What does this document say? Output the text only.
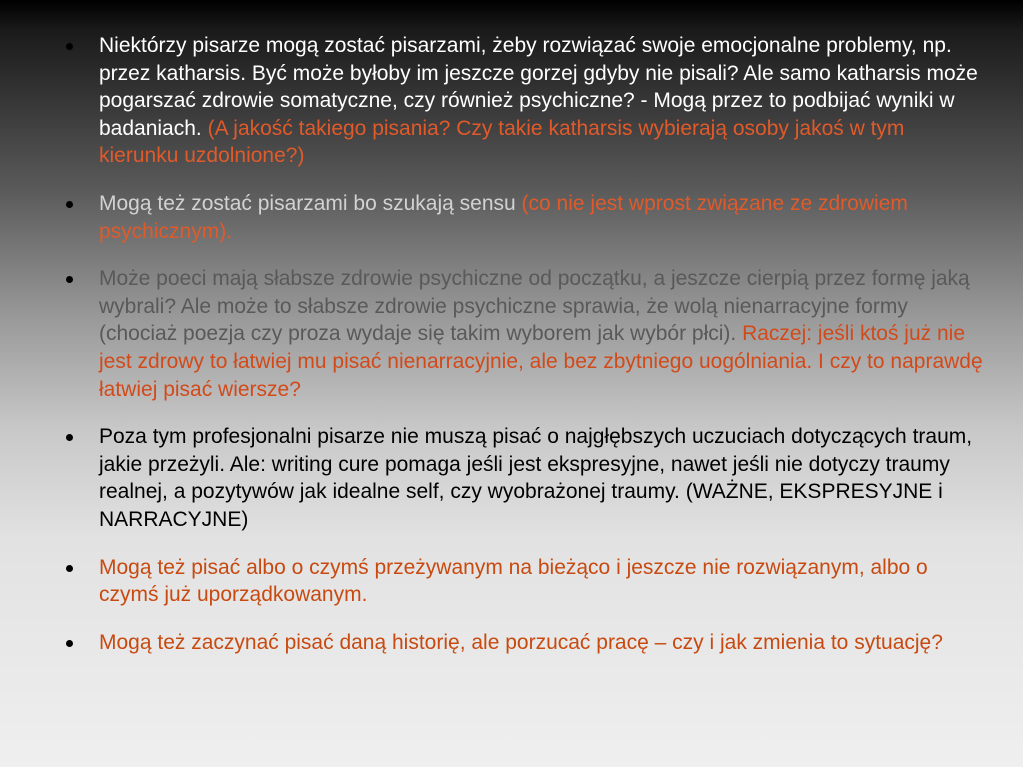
Niektórzy pisarze mogą zostać pisarzami, żeby rozwiązać swoje emocjonalne problemy, np. przez katharsis. Być może byłoby im jeszcze gorzej gdyby nie pisali? Ale samo katharsis może pogarszać zdrowie somatyczne, czy również psychiczne? - Mogą przez to podbijać wyniki w badaniach. (A jakość takiego pisania? Czy takie katharsis wybierają osoby jakoś w tym kierunku uzdolnione?)
Mogą też zostać pisarzami bo szukają sensu (co nie jest wprost związane ze zdrowiem psychicznym).
Może poeci mają słabsze zdrowie psychiczne od początku, a jeszcze cierpią przez formę jaką wybrali? Ale może to słabsze zdrowie psychiczne sprawia, że wolą nienarracyjne formy (chociaż poezja czy proza wydaje się takim wyborem jak wybór płci). Raczej: jeśli ktoś już nie jest zdrowy to łatwiej mu pisać nienarracyjnie, ale bez zbytniego uogólniania. I czy to naprawdę łatwiej pisać wiersze?
Poza tym profesjonalni pisarze nie muszą pisać o najgłębszych uczuciach dotyczących traum, jakie przeżyli. Ale: writing cure pomaga jeśli jest ekspresyjne, nawet jeśli nie dotyczy traumy realnej, a pozytywów jak idealne self, czy wyobrażonej traumy. (WAŻNE, EKSPRESYJNE i NARRACYJNE)
Mogą też pisać albo o czymś przeżywanym na bieżąco i jeszcze nie rozwiązanym, albo o czymś już uporządkowanym.
Mogą też zaczynać pisać daną historię, ale porzucać pracę – czy i jak zmienia to sytuację?
